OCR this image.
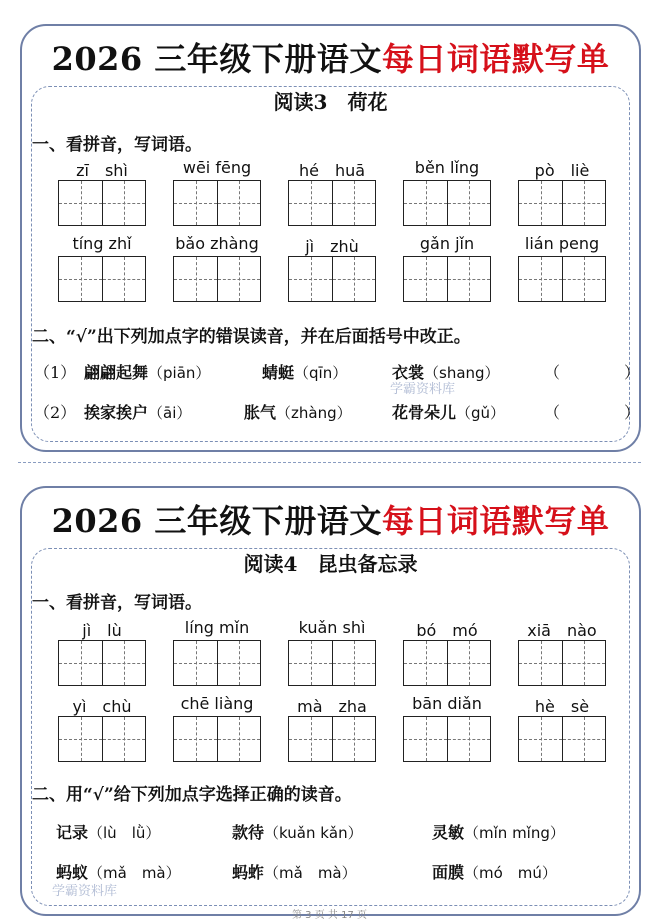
2026 三年级下册语文每日词语默写单
阅读3　荷花
一、看拼音，写词语。
zī　shì	wēi fēng	hé　huā	běn lǐng	pò　liè
tíng zhǐ	bǎo zhàng	jì　zhù	gǎn jǐn	lián peng
二、“√”出下列加点字的错误读音，并在后面括号中改正。
（1） 翩翩起舞（piān）	蜻蜓（qīn）	衣裳（shang）	（　　　　）
（2） 挨家挨户（āi）	胀气（zhàng）	花骨朵儿（gǔ） （　　　　）
学霸资料库
2026 三年级下册语文每日词语默写单
阅读4　昆虫备忘录
一、看拼音，写词语。
jì　lù	líng mǐn	kuǎn shì	bó　mó	xiā　nào
yì　chù	chē liàng	mà　zha	bān diǎn	hè　sè
二、用“√”给下列加点字选择正确的读音。
记录（lù　lǜ）	款待（kuǎn kǎn）	灵敏（mǐn mǐng）
蚂蚁（mǎ　mà）	蚂蚱（mǎ　mà）	面膜（mó　mú）
学霸资料库
第 3 页 共 17 页
